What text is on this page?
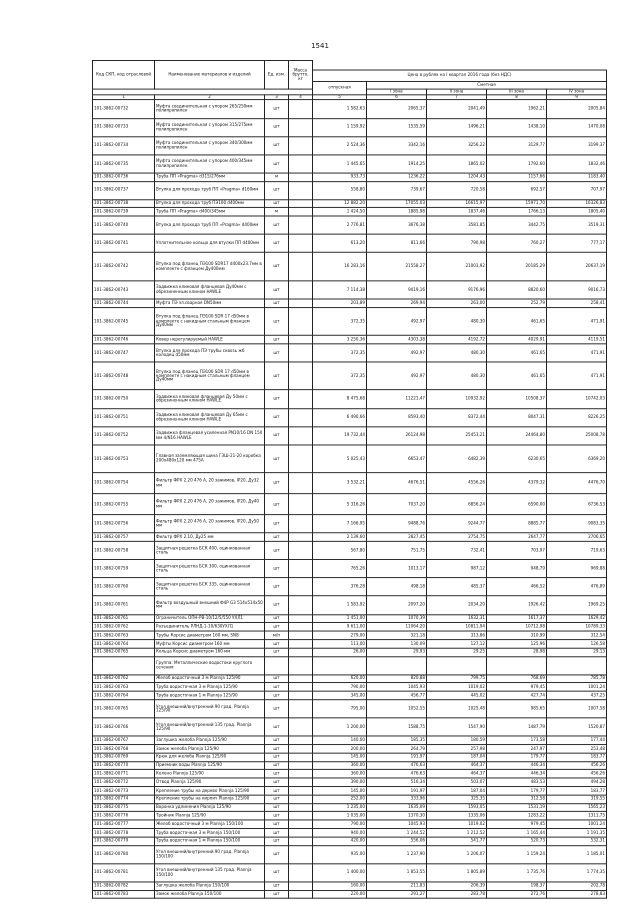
1541
Код СКП, код отраслевой	Наименование материалов и изделий	Ед. изм.	Масса брутто, кг					
				Цена в рублях на I квартал 2016 года (без НДС)				
				отпускная	Сметная			
					I зона	II зона	III зона	IV зона
1	2	3	4	5	6	7	8	9
101-3862-00732	Муфта соединительная с упором 265/250мм полипропилен	шт		1 582,63	2065,37	2041,49	1962,21	2005,84
101-3862-00733	Муфта соединительная с упором 315/275мм полипропилен	шт		1 159,92	1535,59	1496,21	1438,10	1470,08
101-3862-00734	Муфта соединительная с упором 340/300мм полипропилен	шт		2 524,36	3342,16	3256,22	3129,77	3199,37
101-3862-00735	Муфта соединительная с упором 400/345мм полипропилен	шт		1 445,65	1914,25	1865,02	1792,60	1832,46
101-3862-00736	Труба ПП «Pragma» d315/276мм	м		933,73	1236,22	1204,43	1157,66	1183,40
101-3862-00737	Втулка для прохода труб ПП «Pragma» d160мм	шт		558,80	739,67	720,58	692,57	707,97
101-3862-00738	Втулка для прохода труб ПЭ100 d400мм	шт		12 882,20	17055,03	16615,97	15971,70	16326,83
101-3862-00739	Труба ПП «Pragma» d400/345мм	м		1 424,50	1885,98	1837,46	1766,13	1805,40
101-3862-00740	Втулка для прохода труб ПП «Pragma» d400мм	шт		2 776,81	3676,38	3581,85	3442,75	3519,31
101-3862-00741	Уплотнительное кольцо для втулки ПП d400мм	шт		613,20	811,66	790,98	760,27	777,17
101-3862-00742	Втулка под фланец ПЭ100 SDR17 d400х23.7мм в комплекте с фланцем Ду400мм	шт		16 283,16	21558,27	21003,92	20185,29	20637,19
101-3862-00743	Задвижка клиновая фланцевая Ду40мм с обрезиненным клином HAWLE	шт		7 114,38	9419,16	9176,96	8820,60	9016,73
101-3862-00744	Муфта ПЭ эл.сварная DN50мм	шт		203,89	269,94	263,00	252,79	258,41
101-3862-00745	Втулка под фланец ПЭ100 SDR 17 d50мм в комплекте с накидным стальным фланцем Ду40мм	шт		372,35	492,97	480,30	461,65	471,91
101-3862-00746	Ковер нерегулируемый HAWLE	шт		3 250,36	4303,38	4192,72	4029,91	4119,51
101-3862-00747	Втулка для прохода ПЭ трубы сквозь жб колодец d50мм	шт		372,35	492,97	480,30	461,65	471,91
101-3862-00748	Втулка под фланец ПЭ100 SDR 17 d50мм в комплекте с накидным стальным фланцем Ду40мм	шт		372,35	492,97	480,30	461,65	471,91
101-3862-00750	Задвижка клиновая фланцевая Ду 50мм с обрезиненным клином HAWLE	шт		8 475,68	11221,47	10932,92	10508,37	10742,03
101-3862-00751	Задвижка клиновая фланцевая Ду 65мм с обрезиненным клином HAWLE	шт		6 490,66	8593,40	8372,44	8047,31	8226,25
101-3862-00752	Задвижка фланцевая усиленная PN10/16 DN 150 мм 4/N16 HAWLE	шт		19 732,44	26124,98	25453,21	24464,80	25008,78
101-3862-00753	Главная заземляющая шина ГЗШ-21-20 коробка 200х480х120 мм 475А	шт		5 025,43	6653,47	6482,39	6230,65	6369,20
101-3862-00754	Фильтр ФРХ 2.20 476 А, 20 зажимов, IP20, Ду32 мм	шт		3 532,21	4676,51	4556,26	4379,32	4476,70
101-3862-00755	Фильтр ФРХ 2.20 476 А, 20 зажимов, IP20, Ду40 мм	шт		5 316,26	7037,20	6856,24	6590,00	6736,53
101-3862-00756	Фильтр ФРХ 2.20 476 А, 20 зажимов, IP20, Ду50 мм	шт		7 166,95	9488,76	9244,77	8885,77	9083,35
101-3862-00757	Фильтр ФРХ 2.10, Ду25 мм	шт		2 139,60	2827,45	2754,75	2647,77	2706,65
101-3862-00758	Защитная решетка БСК 400, оцинкованная сталь	шт		567,80	751,75	732,41	703,97	719,63
101-3862-00759	Защитная решетка БСК 300, оцинкованная сталь	шт		765,26	1013,17	987,12	948,79	969,88
101-3862-00760	Защитная решетка БСК 335, оцинкованная сталь	шт		376,28	498,18	485,37	466,52	476,89
101-3862-00761	Фильтр воздушный внешний Ф4Р G3 514х514х50 мм	шт		1 583,92	2097,20	2034,20	1926,42	1969,25
101-3862-00761	Ограничитель ОПН-РВ-10/12/5/550 УХЛ1	шт		1 451,00	1070,39	1632,31	1617,37	1629,42
101-3862-00762	Разъединитель РЛНД-1-10/630УХЛ1	шт		9 611,00	11064,20	10811,94	10712,98	10789,33
101-3862-00763	Трубы Корсис диаметром 160 мм, SN8	м/п		279,00	321,18	313,86	310,99	312,54
101-3862-00764	Муфты Корсис диаметром 160 мм	шт		113,00	130,09	127,12	125,96	126,58
101-3862-00765	Кольца Корсис диаметром 160 мм	шт		26,00	29,93	29,25	28,98	29,13
	Группа: Металлические водостоки круглого сечения							
101-3862-00762	Желоб водосточный 3 м Plannja 125/90	шт		620,00	820,88	799,75	768,69	785,78
101-3862-00763	Труба водосточная 3 м Plannja 125/90	шт		790,00	1045,93	1019,02	979,45	1001,24
101-3862-00764	Труба водосточная 1 м Plannja 125/90	шт		345,00	456,77	445,02	427,74	437,25
101-3862-00765	Угол внешний/внутренний 90 град. Plannja 125/90	шт		795,00	1052,55	1025,48	985,65	1007,58
101-3862-00766	Угол внешний/внутренний 135 град. Plannja 125/90	шт		1 200,00	1588,75	1547,90	1487,79	1520,87
101-3862-00767	Заглушка желоба Plannja 125/90	шт		140,00	185,35	180,59	173,58	177,44
101-3862-00768	Замок желоба Plannja 125/90	шт		200,00	264,79	257,98	247,97	253,48
101-3862-00769	Крюк для желоба Plannja 125/90	шт		145,00	191,97	187,04	179,77	183,77
101-3862-00770	Приемник воды Plannja 125/90	шт		360,00	476,63	464,37	446,34	456,26
101-3862-00771	Колено Plannja 125/90	шт		360,00	476,63	464,37	446,34	456,26
101-3862-00772	Отвод Plannja 125/90	шт		390,00	516,34	503,07	483,53	494,28
101-3862-00773	Крепление трубы на дерево Plannja 125/90	шт		145,00	191,97	187,04	179,77	183,77
101-3862-00774	Крепление трубы на кирпич Plannja 125/90	шт		252,00	333,96	325,35	312,58	319,55
101-3862-00775	Воронка удлинения Plannja 125/90	шт		1 235,00	1635,09	1593,05	1531,19	1565,23
101-3862-00776	Тройник Plannja 125/90	шт		1 035,00	1370,30	1335,06	1283,22	1311,75
101-3862-00777	Желоб водосточный 3 м Plannja 150/100	шт		790,00	1045,93	1019,02	979,45	1001,24
101-3862-00778	Труба водосточная 3 м Plannja 150/100	шт		940,00	1 244,52	1 212,52	1 165,44	1 191,35
101-3862-00779	Труба водосточная 1 м Plannja 150/100	шт		420,00	556,06	541,77	520,73	532,31
101-3862-00780	Угол внешний/внутренний 90 град. Plannja 150/100	шт		935,00	1 237,90	1 206,07	1 159,24	1 185,01
101-3862-00781	Угол внешний/внутренний 135 град. Plannja 150/100	шт		1 400,00	1 853,55	1 805,89	1 735,76	1 774,35
101-3862-00782	Заглушка желоба Plannja 150/100	шт		160,00	211,83	206,39	198,37	202,78
101-3862-00783	Замок желоба Plannja 150/100	шт		220,00	291,27	283,78	272,76	278,83
